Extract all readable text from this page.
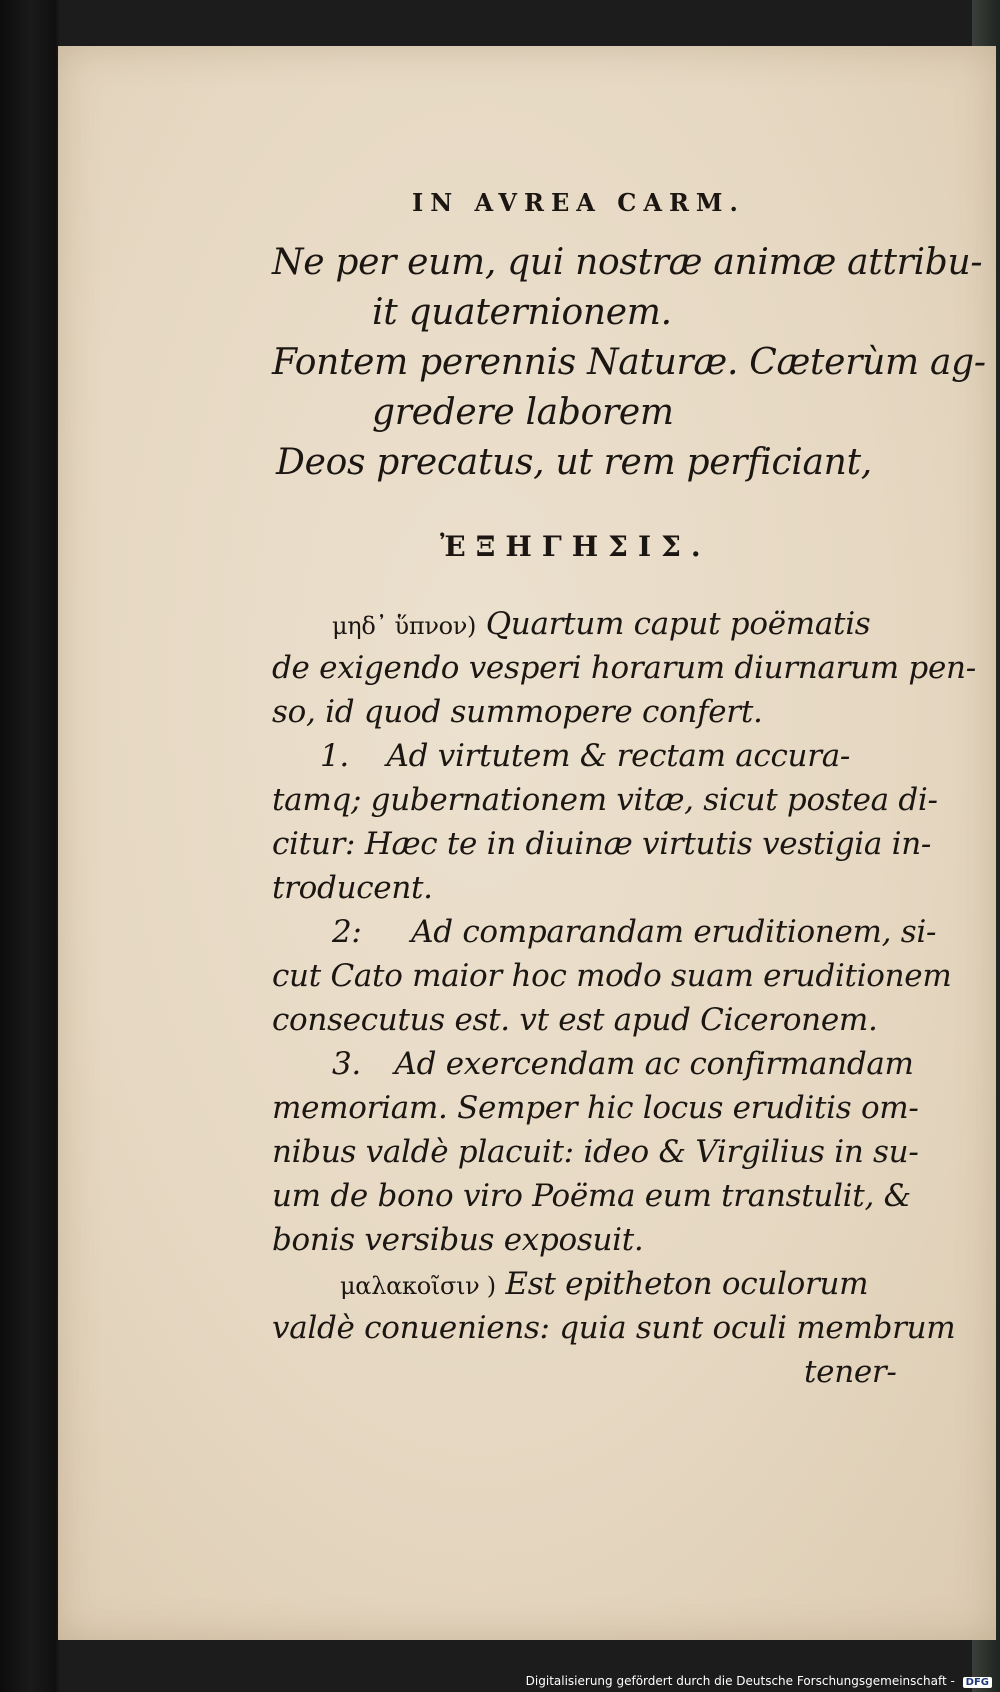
IN AVREA CARM.
Ne per eum, qui nostræ animæ attribu-
it quaternionem.
Fontem perennis Naturæ. Cæterùm ag-
gredere laborem
Deos precatus, ut rem perficiant,
ἘΞΗΓΗΣΙΣ.
μηδ᾽ ὕπνον) Quartum caput poëmatis
de exigendo vesperi horarum diurnarum pen-
so, id quod summopere confert.
1. Ad virtutem & rectam accura-
tamq; gubernationem vitæ, sicut postea di-
citur: Hæc te in diuinæ virtutis vestigia in-
troducent.
2: Ad comparandam eruditionem, si-
cut Cato maior hoc modo suam eruditionem
consecutus est. vt est apud Ciceronem.
3. Ad exercendam ac confirmandam
memoriam. Semper hic locus eruditis om-
nibus valdè placuit: ideo & Virgilius in su-
um de bono viro Poëma eum transtulit, &
bonis versibus exposuit.
μαλακοῖσιν ) Est epitheton oculorum
valdè conueniens: quia sunt oculi membrum
tener-
Digitalisierung gefördert durch die Deutsche Forschungsgemeinschaft - DFG
